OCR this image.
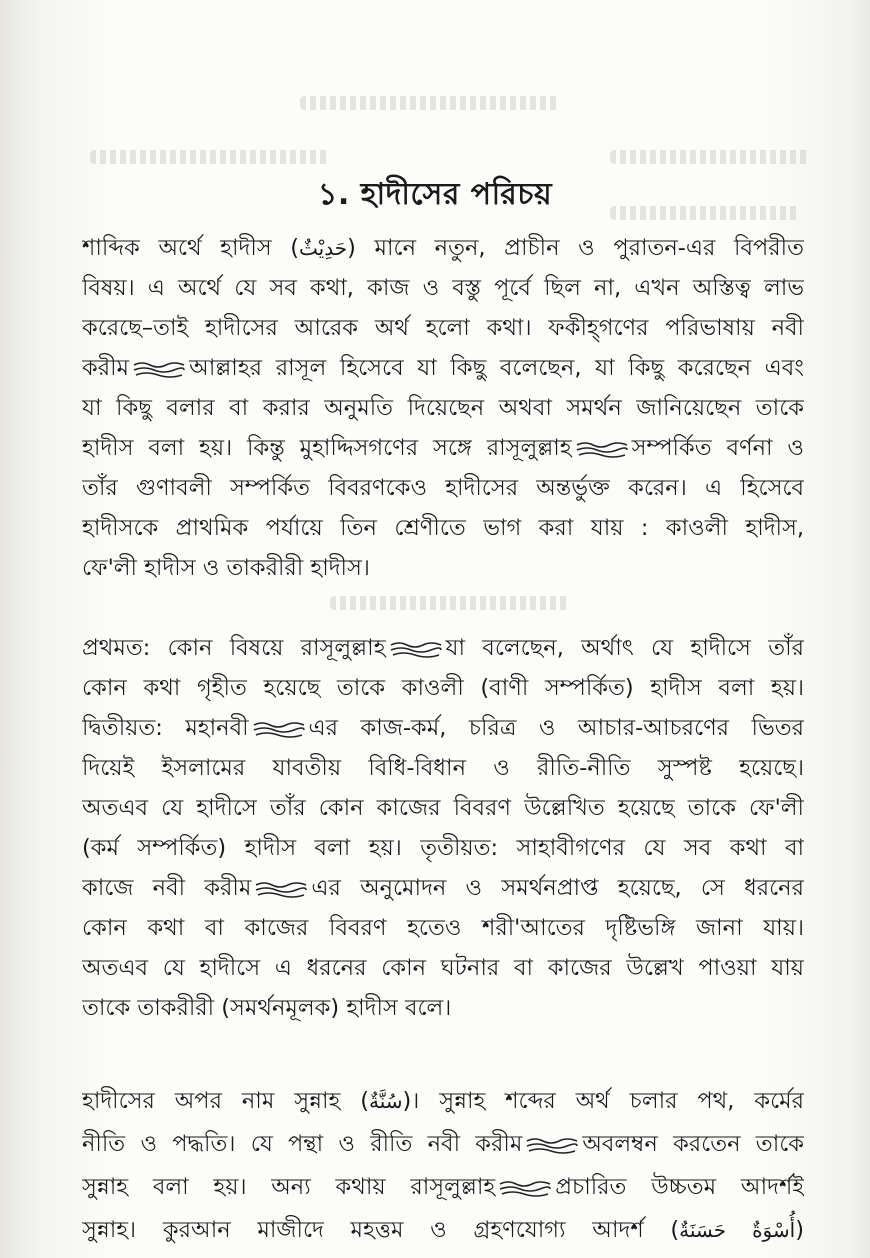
১. হাদীসের পরিচয়
শাব্দিক অর্থে হাদীস (حَدِيْثٌ) মানে নতুন, প্রাচীন ও পুরাতন-এর বিপরীত
বিষয়। এ অর্থে যে সব কথা, কাজ ও বস্তু পূর্বে ছিল না, এখন অস্তিত্ব লাভ
করেছে–তাই হাদীসের আরেক অর্থ হলো কথা। ফকীহ্গণের পরিভাষায় নবী
করীম	আল্লাহর রাসূল হিসেবে যা কিছু বলেছেন, যা কিছু করেছেন এবং
যা কিছু বলার বা করার অনুমতি দিয়েছেন অথবা সমর্থন জানিয়েছেন তাকে
হাদীস বলা হয়। কিন্তু মুহাদ্দিসগণের সঙ্গে রাসূলুল্লাহ	সম্পর্কিত বর্ণনা ও
তাঁর গুণাবলী সম্পর্কিত বিবরণকেও হাদীসের অন্তর্ভুক্ত করেন। এ হিসেবে
হাদীসকে প্রাথমিক পর্যায়ে তিন শ্রেণীতে ভাগ করা যায় : কাওলী হাদীস,
ফে'লী হাদীস ও তাকরীরী হাদীস।
প্রথমত: কোন বিষয়ে রাসূলুল্লাহ	যা বলেছেন, অর্থাৎ যে হাদীসে তাঁর
কোন কথা গৃহীত হয়েছে তাকে কাওলী (বাণী সম্পর্কিত) হাদীস বলা হয়।
দ্বিতীয়ত: মহানবী	এর কাজ-কর্ম, চরিত্র ও আচার-আচরণের ভিতর
দিয়েই ইসলামের যাবতীয় বিধি-বিধান ও রীতি-নীতি সুস্পষ্ট হয়েছে।
অতএব যে হাদীসে তাঁর কোন কাজের বিবরণ উল্লেখিত হয়েছে তাকে ফে'লী
(কর্ম সম্পর্কিত) হাদীস বলা হয়। তৃতীয়ত: সাহাবীগণের যে সব কথা বা
কাজে নবী করীম	এর অনুমোদন ও সমর্থনপ্রাপ্ত হয়েছে, সে ধরনের
কোন কথা বা কাজের বিবরণ হতেও শরী'আতের দৃষ্টিভঙ্গি জানা যায়।
অতএব যে হাদীসে এ ধরনের কোন ঘটনার বা কাজের উল্লেখ পাওয়া যায়
তাকে তাকরীরী (সমর্থনমূলক) হাদীস বলে।
হাদীসের অপর নাম সুন্নাহ (سُنَّةٌ)। সুন্নাহ শব্দের অর্থ চলার পথ, কর্মের
নীতি ও পদ্ধতি। যে পন্থা ও রীতি নবী করীম	অবলম্বন করতেন তাকে
সুন্নাহ বলা হয়। অন্য কথায় রাসূলুল্লাহ	প্রচারিত উচ্চতম আদর্শই
সুন্নাহ। কুরআন মাজীদে মহত্তম ও গ্রহণযোগ্য আদর্শ (أُسْوَةٌ حَسَنَةٌ)
